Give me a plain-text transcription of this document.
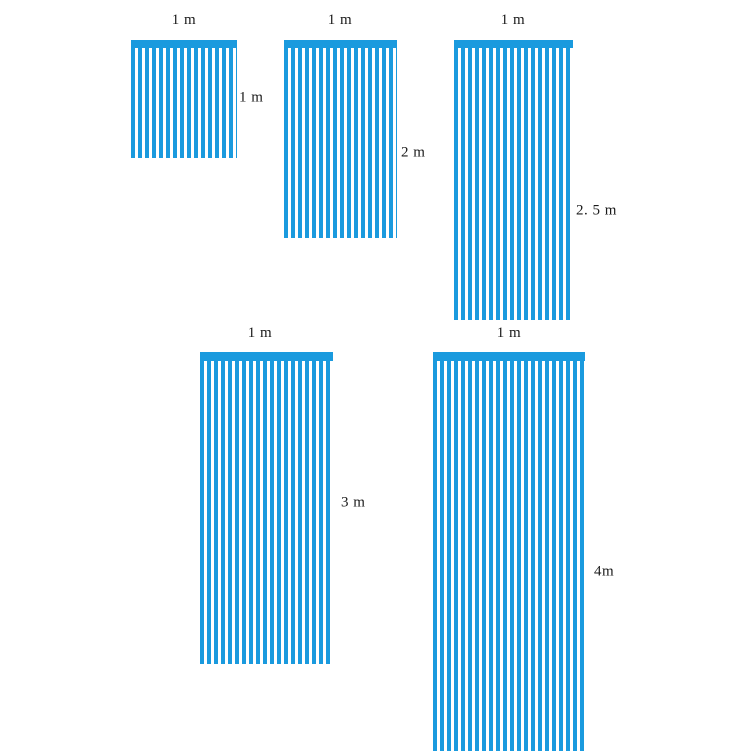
1 m
1 m
1 m
2 m
1 m
2. 5 m
1 m
3 m
1 m
4m
